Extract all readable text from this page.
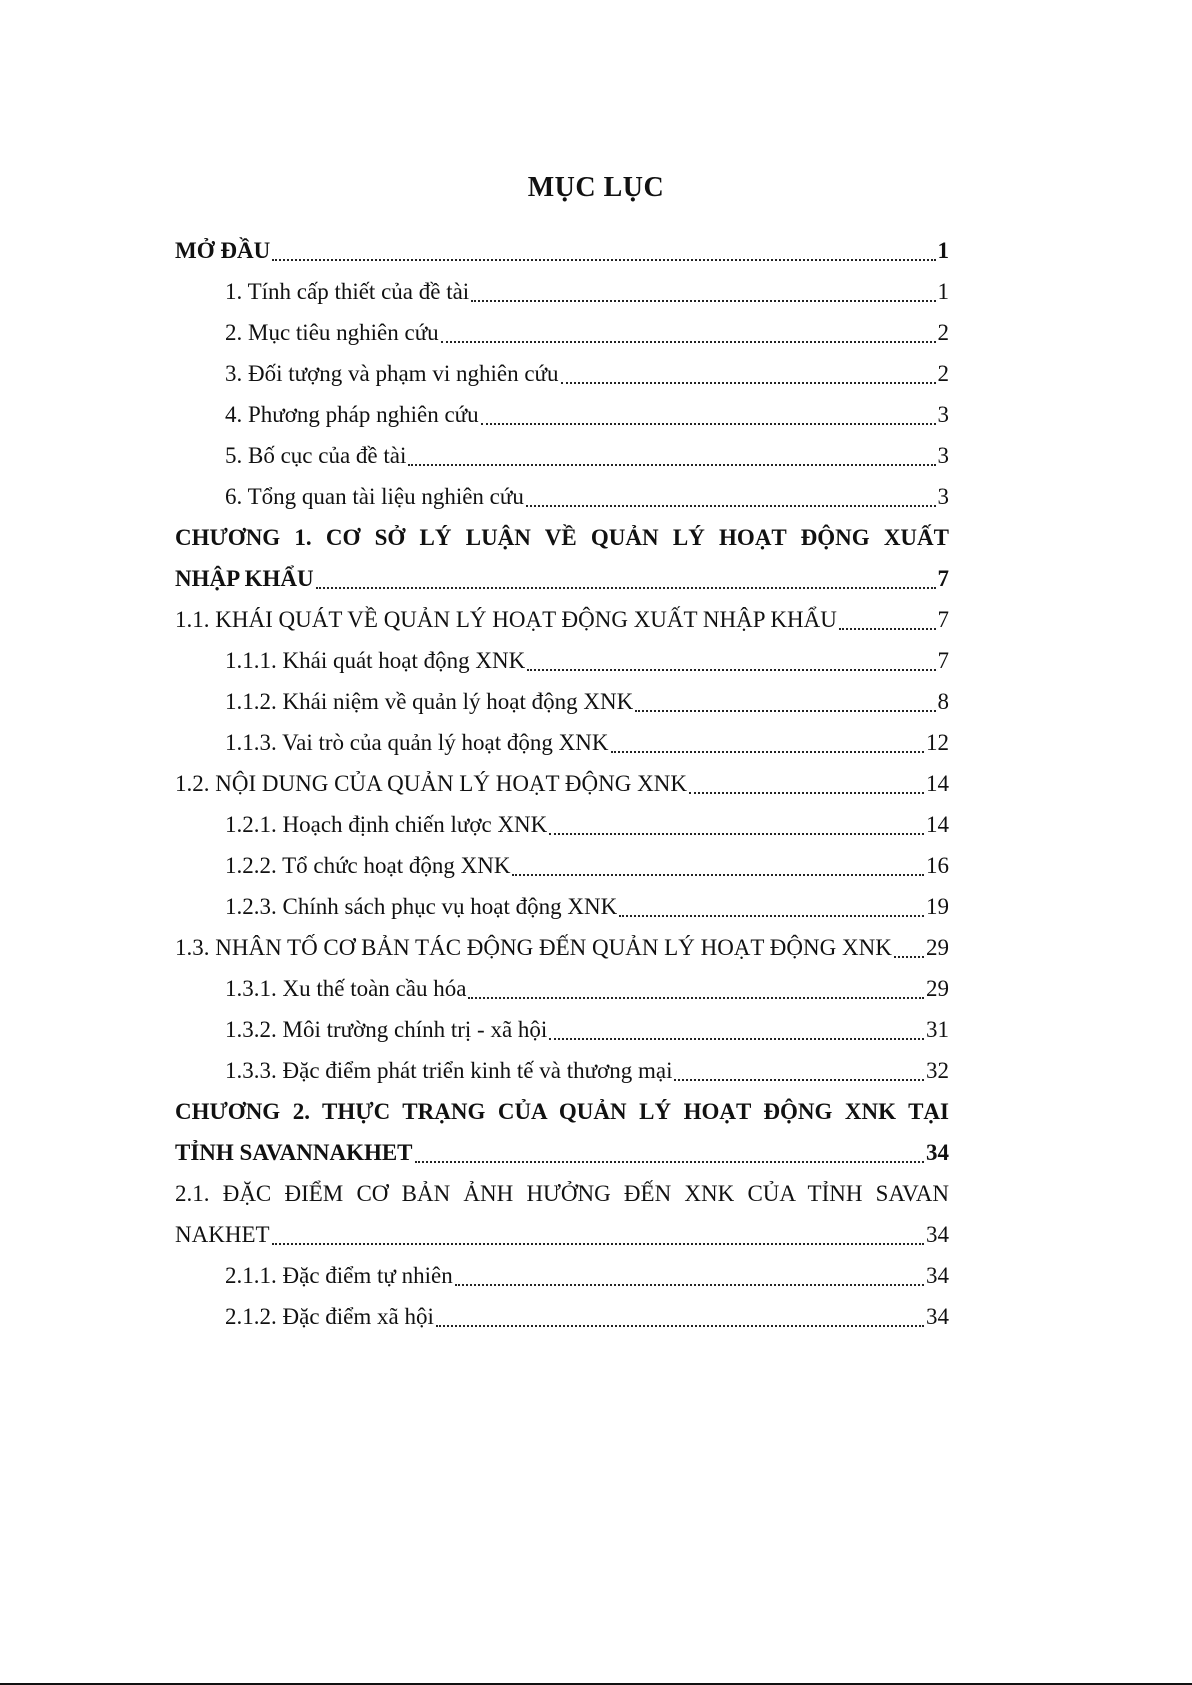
MỤC LỤC
MỞ ĐẦU	1
1. Tính cấp thiết của đề tài	1
2. Mục tiêu nghiên cứu	2
3. Đối tượng và phạm vi nghiên cứu	2
4. Phương pháp nghiên cứu	3
5. Bố cục của đề tài	3
6. Tổng quan tài liệu nghiên cứu	3
CHƯƠNG 1. CƠ SỞ LÝ LUẬN VỀ QUẢN LÝ HOẠT ĐỘNG XUẤT
NHẬP KHẨU	7
1.1. KHÁI QUÁT VỀ QUẢN LÝ HOẠT ĐỘNG XUẤT NHẬP KHẨU	7
1.1.1. Khái quát hoạt động XNK	7
1.1.2. Khái niệm về quản lý hoạt động XNK	8
1.1.3. Vai trò của quản lý hoạt động XNK	12
1.2. NỘI DUNG CỦA QUẢN LÝ HOẠT ĐỘNG XNK	14
1.2.1. Hoạch định chiến lược XNK	14
1.2.2. Tổ chức hoạt động XNK	16
1.2.3. Chính sách phục vụ hoạt động XNK	19
1.3. NHÂN TỐ CƠ BẢN TÁC ĐỘNG ĐẾN QUẢN LÝ HOẠT ĐỘNG XNK 29
1.3.1. Xu thế toàn cầu hóa	29
1.3.2. Môi trường chính trị - xã hội	31
1.3.3. Đặc điểm phát triển kinh tế và thương mại	32
CHƯƠNG 2. THỰC TRẠNG CỦA QUẢN LÝ HOẠT ĐỘNG XNK TẠI
TỈNH SAVANNAKHET	34
2.1. ĐẶC ĐIỂM CƠ BẢN ẢNH HƯỞNG ĐẾN XNK CỦA TỈNH SAVAN
NAKHET	34
2.1.1. Đặc điểm tự nhiên	34
2.1.2. Đặc điểm xã hội	34
